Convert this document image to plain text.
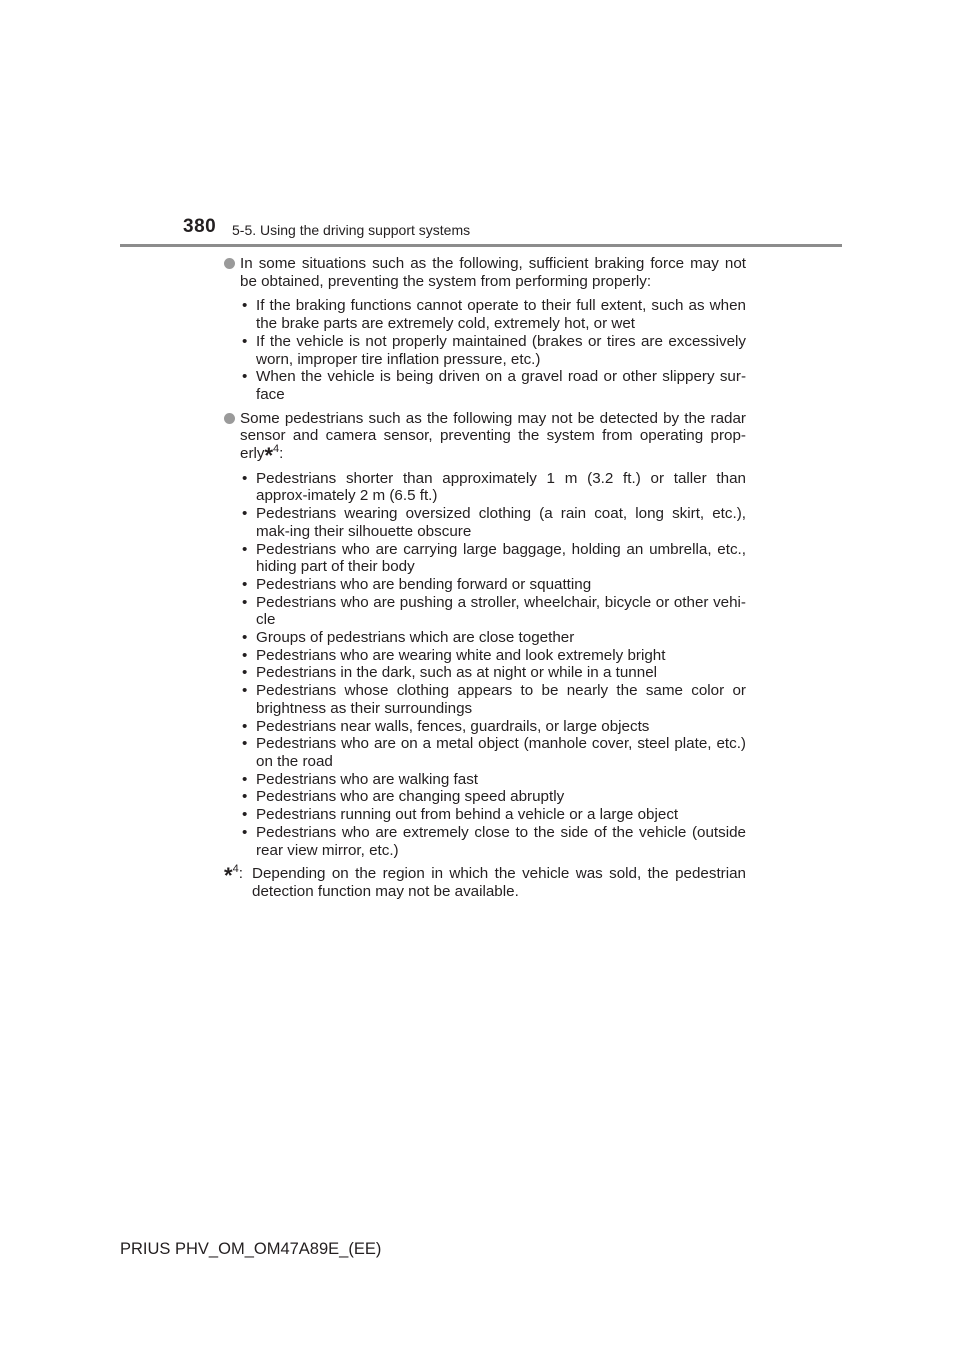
380 5-5. Using the driving support systems
In some situations such as the following, sufficient braking force may not be obtained, preventing the system from performing properly:
• If the braking functions cannot operate to their full extent, such as when the brake parts are extremely cold, extremely hot, or wet
• If the vehicle is not properly maintained (brakes or tires are excessively worn, improper tire inflation pressure, etc.)
• When the vehicle is being driven on a gravel road or other slippery sur-face
Some pedestrians such as the following may not be detected by the radar sensor and camera sensor, preventing the system from operating prop-erly*$^4$:
• Pedestrians shorter than approximately 1 m (3.2 ft.) or taller than approx-imately 2 m (6.5 ft.)
• Pedestrians wearing oversized clothing (a rain coat, long skirt, etc.), mak-ing their silhouette obscure
• Pedestrians who are carrying large baggage, holding an umbrella, etc., hiding part of their body
• Pedestrians who are bending forward or squatting
• Pedestrians who are pushing a stroller, wheelchair, bicycle or other vehi-cle
• Groups of pedestrians which are close together
• Pedestrians who are wearing white and look extremely bright
• Pedestrians in the dark, such as at night or while in a tunnel
• Pedestrians whose clothing appears to be nearly the same color or brightness as their surroundings
• Pedestrians near walls, fences, guardrails, or large objects
• Pedestrians who are on a metal object (manhole cover, steel plate, etc.) on the road
• Pedestrians who are walking fast
• Pedestrians who are changing speed abruptly
• Pedestrians running out from behind a vehicle or a large object
• Pedestrians who are extremely close to the side of the vehicle (outside rear view mirror, etc.)
*$^4$: Depending on the region in which the vehicle was sold, the pedestrian detection function may not be available.
PRIUS PHV_OM_OM47A89E_(EE)
